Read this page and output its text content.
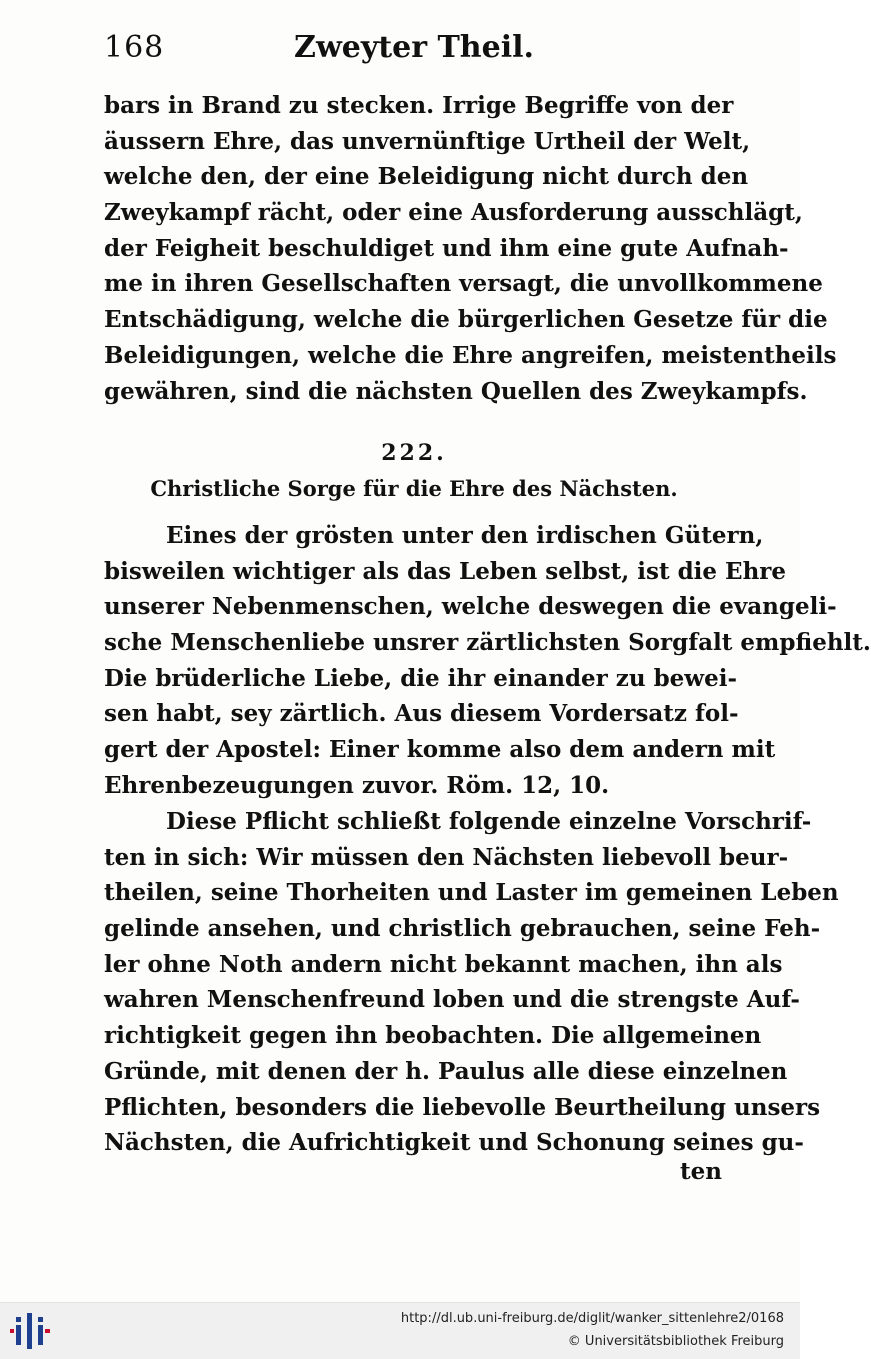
168	Zweyter Theil.
bars in Brand zu stecken. Irrige Begriffe von der
äussern Ehre, das unvernünftige Urtheil der Welt,
welche den, der eine Beleidigung nicht durch den
Zweykampf rächt, oder eine Ausforderung ausschlägt,
der Feigheit beschuldiget und ihm eine gute Aufnah-
me in ihren Gesellschaften versagt, die unvollkommene
Entschädigung, welche die bürgerlichen Gesetze für die
Beleidigungen, welche die Ehre angreifen, meistentheils
gewähren, sind die nächsten Quellen des Zweykampfs.
222.
Christliche Sorge für die Ehre des Nächsten.
Eines der grösten unter den irdischen Gütern,
bisweilen wichtiger als das Leben selbst, ist die Ehre
unserer Nebenmenschen, welche deswegen die evangeli-
sche Menschenliebe unsrer zärtlichsten Sorgfalt empfiehlt.
Die brüderliche Liebe, die ihr einander zu bewei-
sen habt, sey zärtlich. Aus diesem Vordersatz fol-
gert der Apostel: Einer komme also dem andern mit
Ehrenbezeugungen zuvor. Röm. 12, 10.
Diese Pflicht schließt folgende einzelne Vorschrif-
ten in sich: Wir müssen den Nächsten liebevoll beur-
theilen, seine Thorheiten und Laster im gemeinen Leben
gelinde ansehen, und christlich gebrauchen, seine Feh-
ler ohne Noth andern nicht bekannt machen, ihn als
wahren Menschenfreund loben und die strengste Auf-
richtigkeit gegen ihn beobachten. Die allgemeinen
Gründe, mit denen der h. Paulus alle diese einzelnen
Pflichten, besonders die liebevolle Beurtheilung unsers
Nächsten, die Aufrichtigkeit und Schonung seines gu-
ten
http://dl.ub.uni-freiburg.de/diglit/wanker_sittenlehre2/0168
© Universitätsbibliothek Freiburg
